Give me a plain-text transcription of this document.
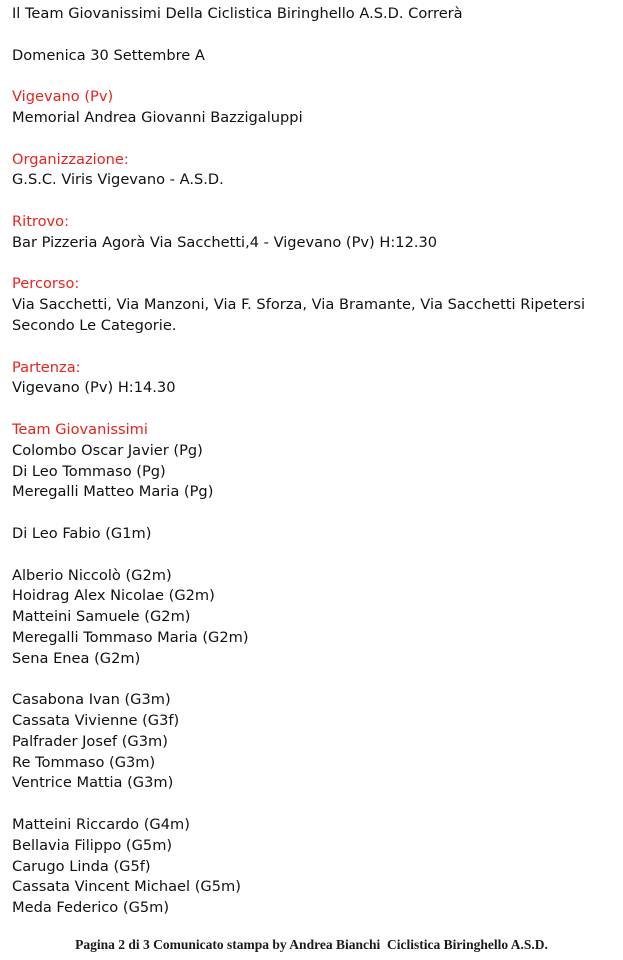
Il Team Giovanissimi Della Ciclistica Biringhello A.S.D. Correrà
Domenica 30 Settembre A
Vigevano (Pv)
Memorial Andrea Giovanni Bazzigaluppi
Organizzazione:
G.S.C. Viris Vigevano - A.S.D.
Ritrovo:
Bar Pizzeria Agorà Via Sacchetti,4 - Vigevano (Pv) H:12.30
Percorso:
Via Sacchetti, Via Manzoni, Via F. Sforza, Via Bramante, Via Sacchetti Ripetersi
Secondo Le Categorie.
Partenza:
Vigevano (Pv) H:14.30
Team Giovanissimi
Colombo Oscar Javier (Pg)
Di Leo Tommaso (Pg)
Meregalli Matteo Maria (Pg)
Di Leo Fabio (G1m)
Alberio Niccolò (G2m)
Hoidrag Alex Nicolae (G2m)
Matteini Samuele (G2m)
Meregalli Tommaso Maria (G2m)
Sena Enea (G2m)
Casabona Ivan (G3m)
Cassata Vivienne (G3f)
Palfrader Josef (G3m)
Re Tommaso (G3m)
Ventrice Mattia (G3m)
Matteini Riccardo (G4m)
Bellavia Filippo (G5m)
Carugo Linda (G5f)
Cassata Vincent Michael (G5m)
Meda Federico (G5m)
Pagina 2 di 3 Comunicato stampa by Andrea Bianchi  Ciclistica Biringhello A.S.D.
